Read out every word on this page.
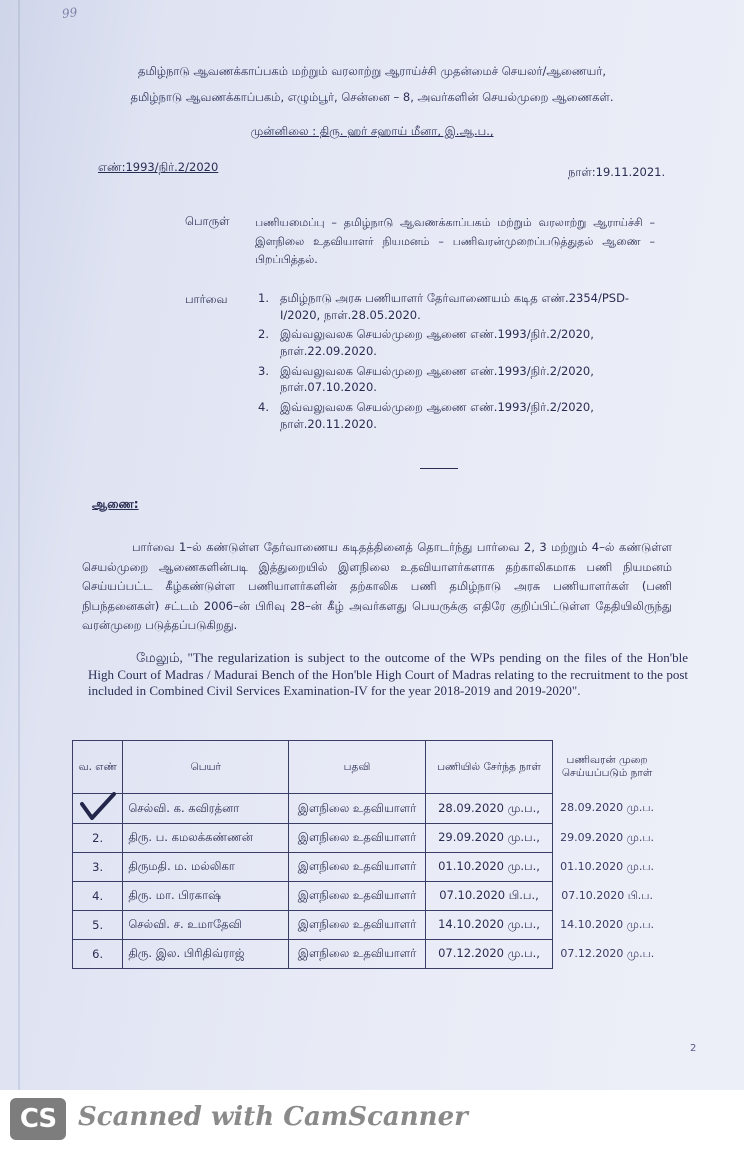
99
தமிழ்நாடு ஆவணக்காப்பகம் மற்றும் வரலாற்று ஆராய்ச்சி முதன்மைச் செயலர்/ஆணையர்,
தமிழ்நாடு ஆவணக்காப்பகம், எழும்பூர், சென்னை – 8, அவர்களின் செயல்முறை ஆணைகள்.
முன்னிலை : திரு. ஹர் சஹாய் மீனா, இ.ஆ.ப.,
எண்:1993/நிர்.2/2020	நாள்:19.11.2021.
பொருள் பணியமைப்பு – தமிழ்நாடு ஆவணக்காப்பகம் மற்றும் வரலாற்று ஆராய்ச்சி – இளநிலை உதவியாளர் நியமனம் – பணிவரன்முறைப்படுத்துதல் ஆணை – பிறப்பித்தல்.
பார்வை	1. தமிழ்நாடு அரசு பணியாளர் தேர்வாணையம் கடித எண்.2354/PSD-I/2020, நாள்.28.05.2020.
2. இவ்வலுவலக செயல்முறை ஆணை எண்.1993/நிர்.2/2020, நாள்.22.09.2020.
3. இவ்வலுவலக செயல்முறை ஆணை எண்.1993/நிர்.2/2020, நாள்.07.10.2020.
4. இவ்வலுவலக செயல்முறை ஆணை எண்.1993/நிர்.2/2020, நாள்.20.11.2020.
ஆணை:
பார்வை 1–ல் கண்டுள்ள தேர்வாணைய கடிதத்தினைத் தொடர்ந்து பார்வை 2, 3 மற்றும் 4–ல் கண்டுள்ள செயல்முறை ஆணைகளின்படி இத்துறையில் இளநிலை உதவியாளர்களாக தற்காலிகமாக பணி நியமனம் செய்யப்பட்ட கீழ்கண்டுள்ள பணியாளர்களின் தற்காலிக பணி தமிழ்நாடு அரசு பணியாளர்கள் (பணி நிபந்தனைகள்) சட்டம் 2006–ன் பிரிவு 28–ன் கீழ் அவர்களது பெயருக்கு எதிரே குறிப்பிட்டுள்ள தேதியிலிருந்து வரன்முறை படுத்தப்படுகிறது.
மேலும், "The regularization is subject to the outcome of the WPs pending on the files of the Hon'ble High Court of Madras / Madurai Bench of the Hon'ble High Court of Madras relating to the recruitment to the post included in Combined Civil Services Examination-IV for the year 2018-2019 and 2019-2020".
வ. எண்	பெயர்	பதவி	பணியில் சேர்ந்த நாள்	பணிவரன் முறை செய்யப்படும் நாள்

	செல்வி. க. கவிரத்னா	இளநிலை உதவியாளர்	28.09.2020 மு.ப.,	28.09.2020 மு.ப.
2.	திரு. ப. கமலக்கண்ணன்	இளநிலை உதவியாளர்	29.09.2020 மு.ப.,	29.09.2020 மு.ப.
3.	திருமதி. ம. மல்லிகா	இளநிலை உதவியாளர்	01.10.2020 மு.ப.,	01.10.2020 மு.ப.
4.	திரு. மா. பிரகாஷ்	இளநிலை உதவியாளர்	07.10.2020 பி.ப.,	07.10.2020 பி.ப.
5.	செல்வி. ச. உமாதேவி	இளநிலை உதவியாளர்	14.10.2020 மு.ப.,	14.10.2020 மு.ப.
6.	திரு. இல. பிரிதிவ்ராஜ்	இளநிலை உதவியாளர்	07.12.2020 மு.ப.,	07.12.2020 மு.ப.
2
CS Scanned with CamScanner
